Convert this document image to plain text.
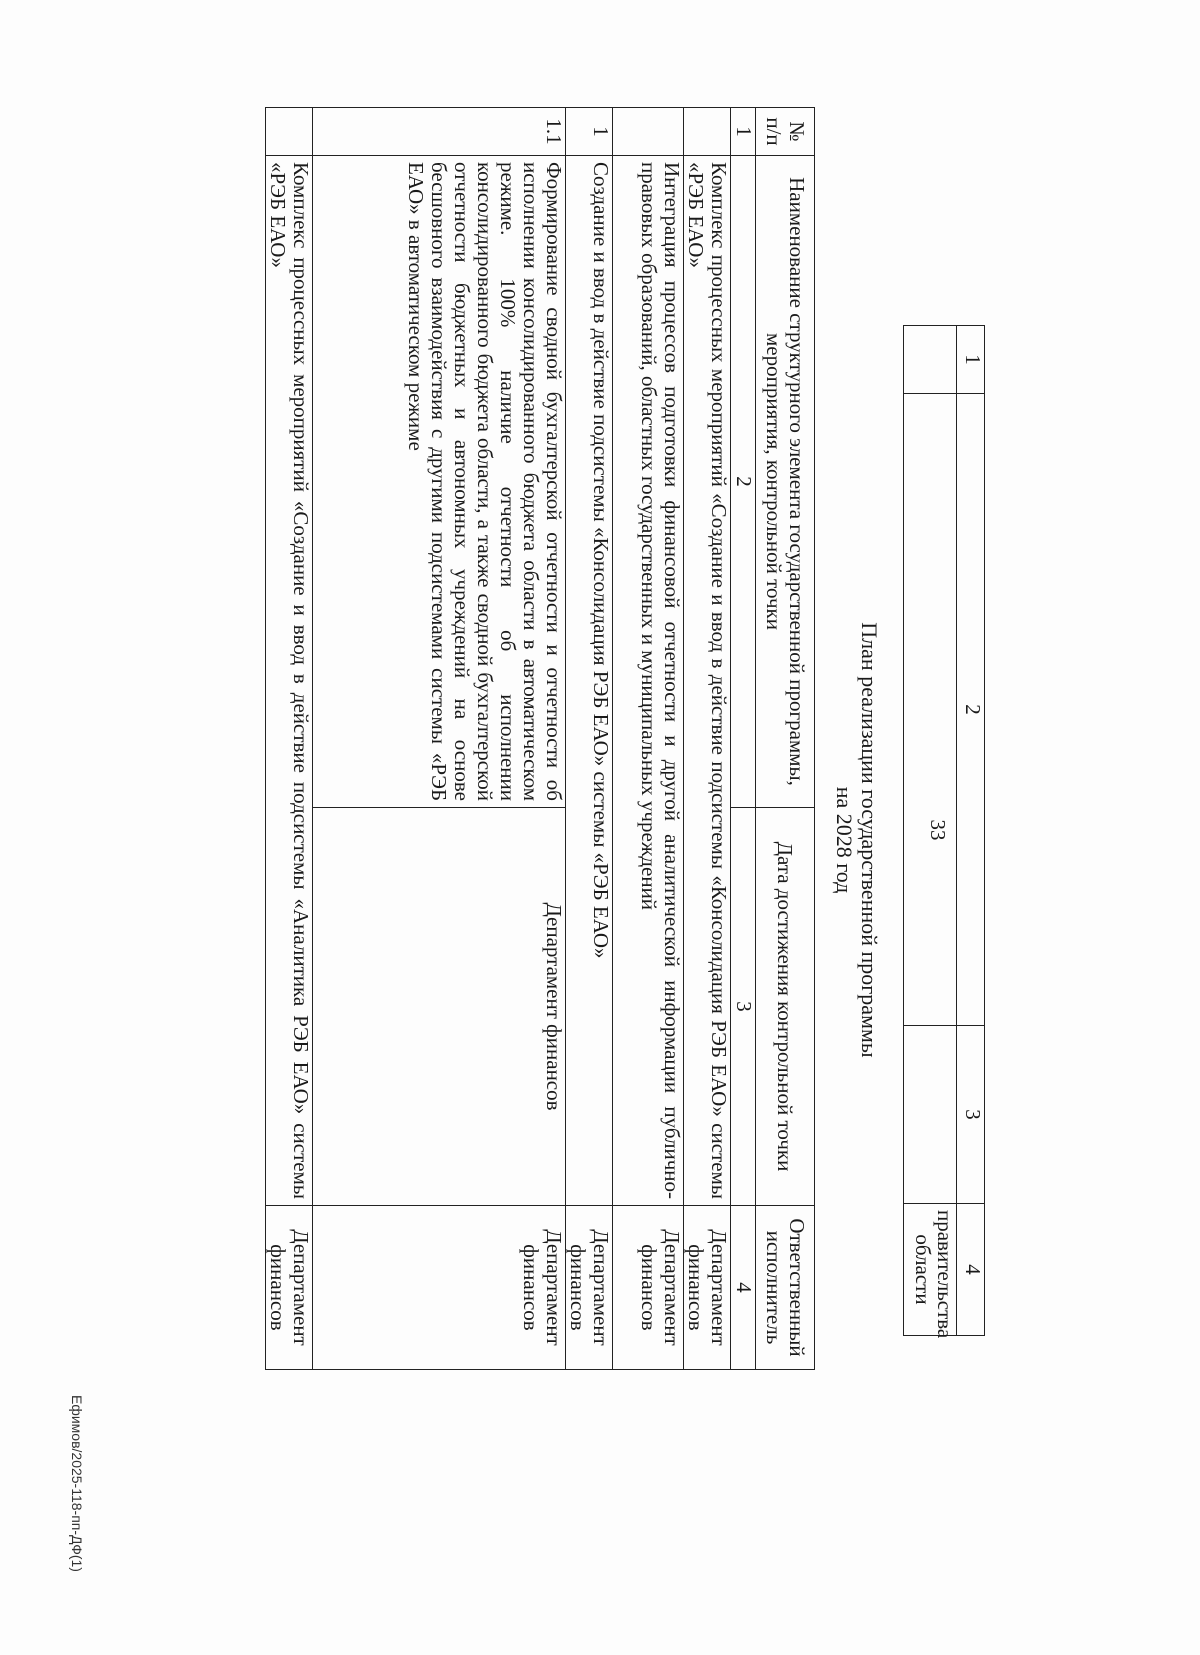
1	2	3	4
			правительства области
33
План реализации государственной программы
на 2028 год
№ п/п	Наименование структурного элемента государственной программы, мероприятия, контрольной точки	Дата достижения контрольной точки	Ответственный исполнитель
1	2	3	4
	Комплекс процессных мероприятий «Создание и ввод в действие подсистемы «Консолидация РЭБ ЕАО» системы «РЭБ ЕАО»		Департамент финансов
	Интеграция процессов подготовки финансовой отчетности и другой аналитической информации публично-правовых образований, областных государственных и муниципальных учреждений		Департамент финансов
1	Создание и ввод в действие подсистемы «Консолидация РЭБ ЕАО» системы «РЭБ ЕАО»		Департамент финансов
1.1	Формирование сводной бухгалтерской отчетности и отчетности об исполнении консолидированного бюджета области в автоматическом режиме. 100% наличие отчетности об исполнении консолидированного бюджета области, а также сводной бухгалтерской отчетности бюджетных и автономных учреждений на основе бесшовного взаимодействия с другими подсистемами системы «РЭБ ЕАО» в автоматическом режиме	Департамент финансов	Департамент финансов
	Комплекс процессных мероприятий «Создание и ввод в действие подсистемы «Аналитика РЭБ ЕАО» системы «РЭБ ЕАО»		Департамент финансов
Ефимов/2025-118-пп-ДФ(1)
